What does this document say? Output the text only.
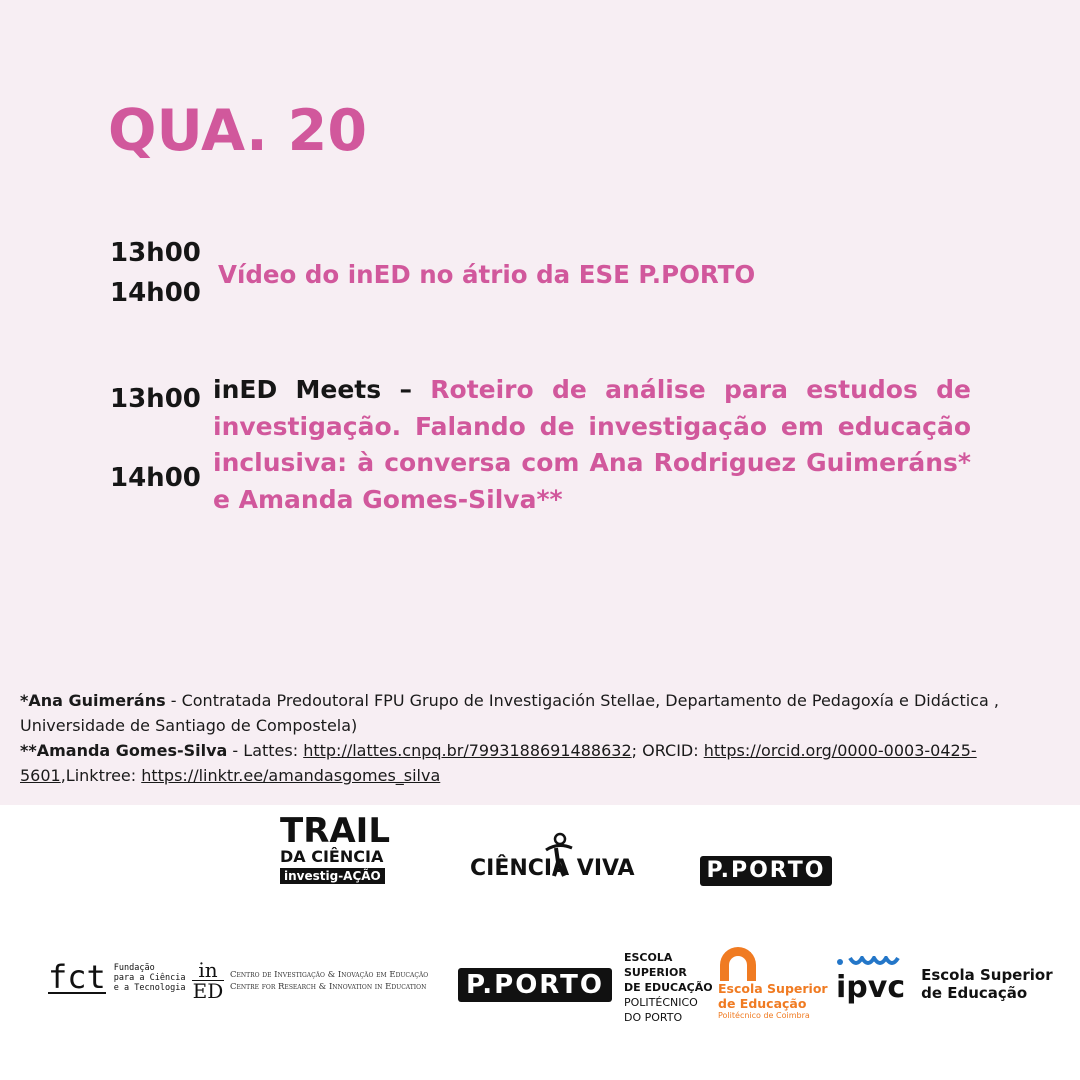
QUA. 20
13h00
14h00
Vídeo do inED no átrio da ESE P.PORTO
13h00
14h00
inED Meets – Roteiro de análise para estudos de investigação. Falando de investigação em educação inclusiva: à conversa com Ana Rodriguez Guimeráns* e Amanda Gomes-Silva**
*Ana Guimeráns - Contratada Predoutoral FPU Grupo de Investigación Stellae, Departamento de Pedagoxía e Didáctica , Universidade de Santiago de Compostela)
**Amanda Gomes-Silva - Lattes: http://lattes.cnpq.br/7993188691488632; ORCID: https://orcid.org/0000-0003-0425-5601,Linktree: https://linktr.ee/amandasgomes_silva
TRAIL
DA CIÊNCIA
investig-AÇÃO	CIÊNCIA VIVA	P.PORTO
fct Fundação
para a Ciência
e a Tecnologia
in
ED
Centro de Investigação & Inovação em Educação
Centre for Research & Innovation in Education	P.PORTO
ESCOLA
SUPERIOR
DE EDUCAÇÃO
POLITÉCNICO
DO PORTO
Escola Superior
de Educação
Politécnico de Coimbra
ipvc Escola Superior
de Educação
